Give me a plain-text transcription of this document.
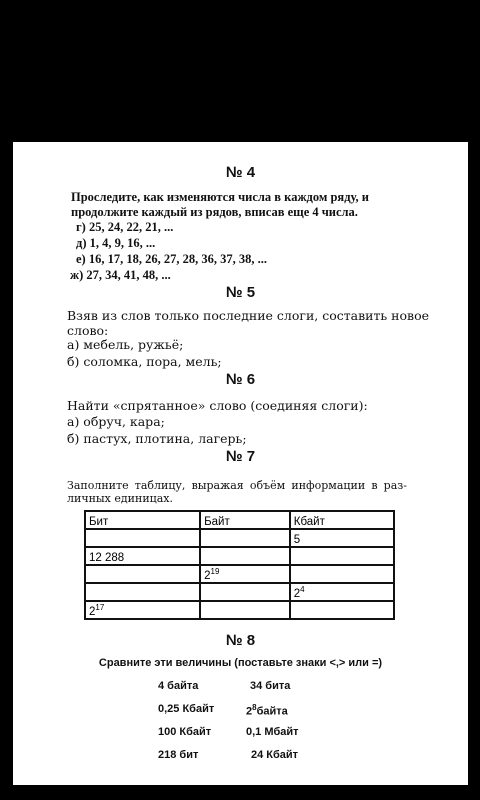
№ 4
Проследите, как изменяются числа в каждом ряду, и
продолжите каждый из рядов, вписав еще 4 числа.
г) 25, 24, 22, 21, ...
д) 1, 4, 9, 16, ...
е) 16, 17, 18, 26, 27, 28, 36, 37, 38, ...
ж) 27, 34, 41, 48, ...
№ 5
Взяв из слов только последние слоги, составить новое
слово:
а) мебель, ружьё;
б) соломка, пора, мель;
№ 6
Найти «спрятанное» слово (соединяя слоги):
а) обруч, кара;
б) пастух, плотина, лагерь;
№ 7
Заполните таблицу, выражая объём информации в раз-
личных единицах.
Бит	Байт	Кбайт
		5
12 288		
	$2^{19}$	
		$2^4$
$2^{17}$		
№ 8
Сравните эти величины (поставьте знаки <,> или =)
4 байта	34 бита
0,25 Кбайт	$2^8байта$
100 Кбайт	0,1 Мбайт
218 бит	24 Кбайт
